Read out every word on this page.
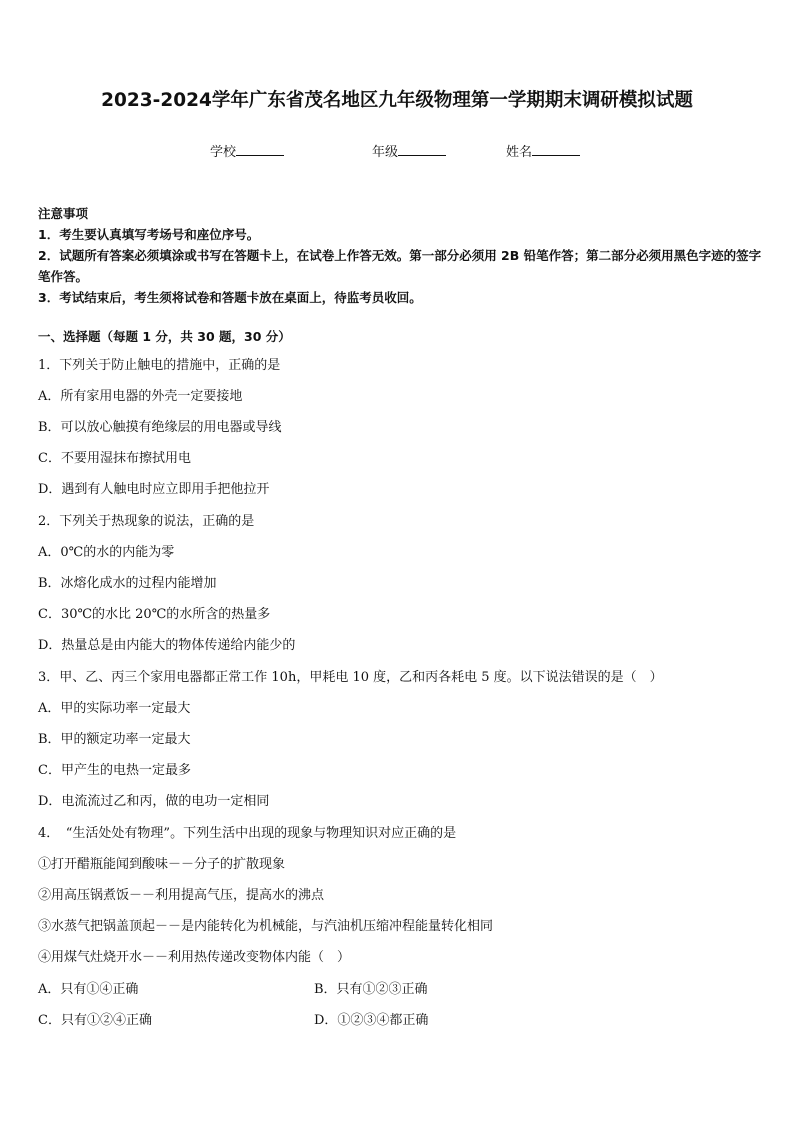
2023-2024学年广东省茂名地区九年级物理第一学期期末调研模拟试题
学校	年级	姓名
注意事项
1．考生要认真填写考场号和座位序号。
2．试题所有答案必须填涂或书写在答题卡上，在试卷上作答无效。第一部分必须用 2B 铅笔作答；第二部分必须用黑色字迹的签字笔作答。
3．考试结束后，考生须将试卷和答题卡放在桌面上，待监考员收回。
一、选择题（每题 1 分，共 30 题，30 分）
1．下列关于防止触电的措施中，正确的是
A．所有家用电器的外壳一定要接地
B．可以放心触摸有绝缘层的用电器或导线
C．不要用湿抹布擦拭用电
D．遇到有人触电时应立即用手把他拉开
2．下列关于热现象的说法，正确的是
A．0℃的水的内能为零
B．冰熔化成水的过程内能增加
C．30℃的水比 20℃的水所含的热量多
D．热量总是由内能大的物体传递给内能少的
3．甲、乙、丙三个家用电器都正常工作 10h，甲耗电 10 度，乙和丙各耗电 5 度。以下说法错误的是（　）
A．甲的实际功率一定最大
B．甲的额定功率一定最大
C．甲产生的电热一定最多
D．电流流过乙和丙，做的电功一定相同
4．　“生活处处有物理”。下列生活中出现的现象与物理知识对应正确的是
①打开醋瓶能闻到酸味－－分子的扩散现象
②用高压锅煮饭－－利用提高气压，提高水的沸点
③水蒸气把锅盖顶起－－是内能转化为机械能，与汽油机压缩冲程能量转化相同
④用煤气灶烧开水－－利用热传递改变物体内能（　）
A．只有①④正确	B．只有①②③正确
C．只有①②④正确	D．①②③④都正确
